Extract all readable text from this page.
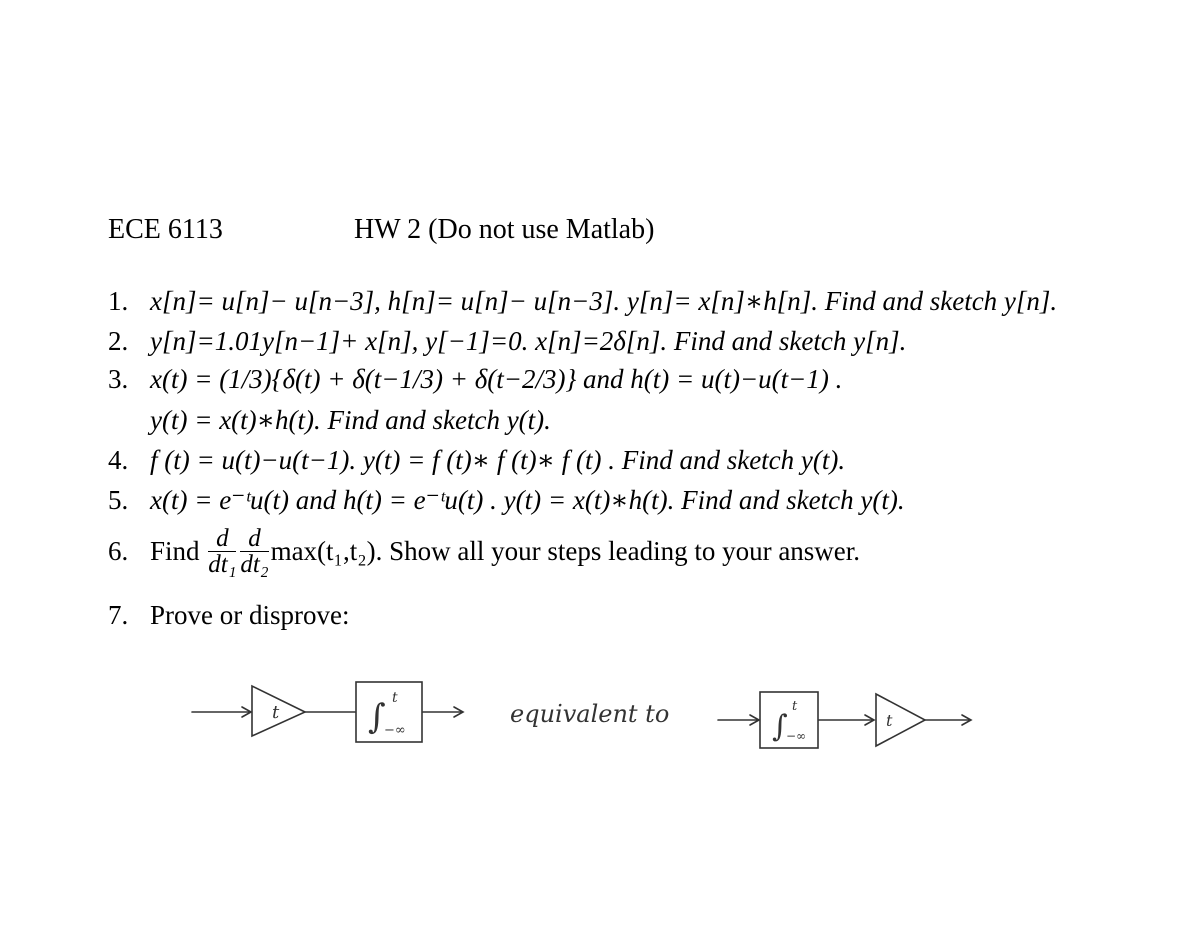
ECE 6113	HW 2 (Do not use Matlab)
1. x[n]= u[n]− u[n−3], h[n]= u[n]− u[n−3]. y[n]= x[n]∗h[n]. Find and sketch y[n].
2. y[n]=1.01y[n−1]+ x[n], y[−1]=0. x[n]=2δ[n]. Find and sketch y[n].
3. x(t) = (1/3){δ(t) + δ(t−1/3) + δ(t−2/3)} and h(t) = u(t)−u(t−1) .
y(t) = x(t)∗h(t). Find and sketch y(t).
4. f (t) = u(t)−u(t−1). y(t) = f (t)∗ f (t)∗ f (t) . Find and sketch y(t).
5. x(t) = e⁻ᵗu(t) and h(t) = e⁻ᵗu(t) . y(t) = x(t)∗h(t). Find and sketch y(t).
6. Find $\frac{d}{\text{dt₁}} \frac{d}{\text{dt₂}} \max(t_1,t_2)$. Show all your steps leading to your answer.
7. Prove or disprove:
∫	∫
t
t
−∞
equivalent to	t
−∞
t
